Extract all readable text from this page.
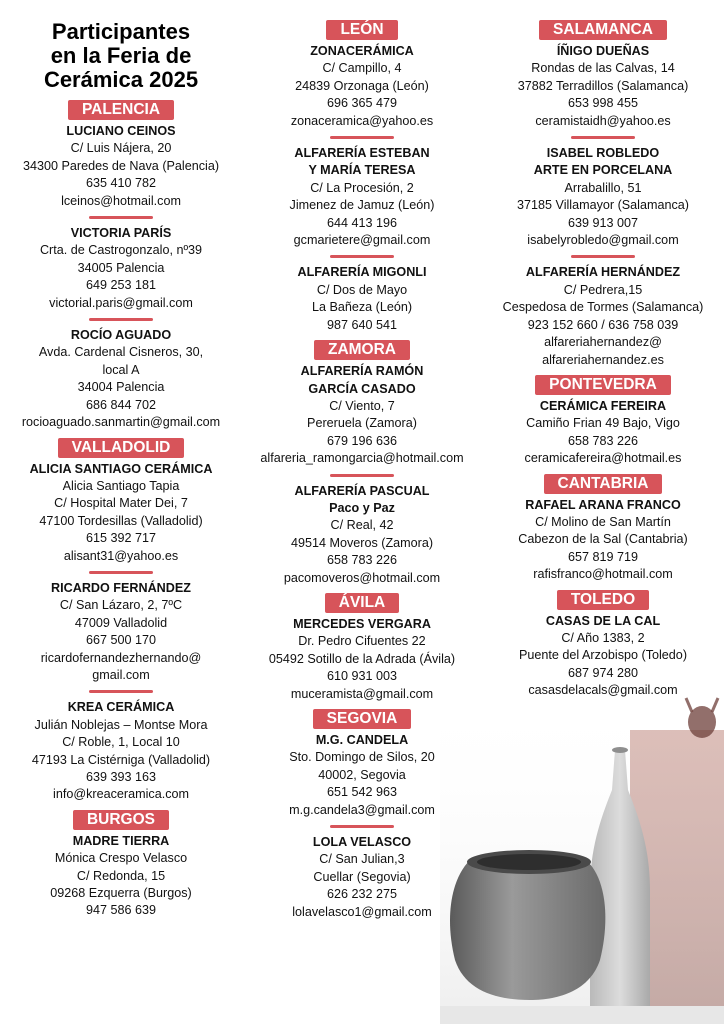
Participantes
en la Feria de
Cerámica 2025
PALENCIA
LUCIANO CEINOS
C/ Luis Nájera, 20
34300 Paredes de Nava (Palencia)
635 410 782
lceinos@hotmail.com
VICTORIA PARÍS
Crta. de Castrogonzalo, nº39
34005 Palencia
649 253 181
victorial.paris@gmail.com
ROCÍO AGUADO
Avda. Cardenal Cisneros, 30,
local A
34004 Palencia
686 844 702
rocioaguado.sanmartin@gmail.com
VALLADOLID
ALICIA SANTIAGO CERÁMICA
Alicia Santiago Tapia
C/ Hospital Mater Dei, 7
47100 Tordesillas (Valladolid)
615 392 717
alisant31@yahoo.es
RICARDO FERNÁNDEZ
C/ San Lázaro, 2, 7ºC
47009 Valladolid
667 500 170
ricardofernandezhernando@
gmail.com
KREA CERÁMICA
Julián Noblejas – Montse Mora
C/ Roble, 1, Local 10
47193 La Cistérniga (Valladolid)
639 393 163
info@kreaceramica.com
BURGOS
MADRE TIERRA
Mónica Crespo Velasco
C/ Redonda, 15
09268 Ezquerra (Burgos)
947 586 639
LEÓN
ZONACERÁMICA
C/ Campillo, 4
24839 Orzonaga (León)
696 365 479
zonaceramica@yahoo.es
ALFARERÍA ESTEBAN
Y MARÍA TERESA
C/ La Procesión, 2
Jimenez de Jamuz (León)
644 413 196
gcmarietere@gmail.com
ALFARERÍA MIGONLI
C/ Dos de Mayo
La Bañeza (León)
987 640 541
ZAMORA
ALFARERÍA RAMÓN
GARCÍA CASADO
C/ Viento, 7
Pereruela (Zamora)
679 196 636
alfareria_ramongarcia@hotmail.com
ALFARERÍA PASCUAL
Paco y Paz
C/ Real, 42
49514 Moveros (Zamora)
658 783 226
pacomoveros@hotmail.com
ÁVILA
MERCEDES VERGARA
Dr. Pedro Cifuentes 22
05492 Sotillo de la Adrada (Ávila)
610 931 003
muceramista@gmail.com
SEGOVIA
M.G. CANDELA
Sto. Domingo de Silos, 20
40002, Segovia
651 542 963
m.g.candela3@gmail.com
LOLA VELASCO
C/ San Julian,3
Cuellar (Segovia)
626 232 275
lolavelasco1@gmail.com
SALAMANCA
ÍÑIGO DUEÑAS
Rondas de las Calvas, 14
37882 Terradillos (Salamanca)
653 998 455
ceramistaidh@yahoo.es
ISABEL ROBLEDO
ARTE EN PORCELANA
Arrabalillo, 51
37185 Villamayor (Salamanca)
639 913 007
isabelyrobledo@gmail.com
ALFARERÍA HERNÁNDEZ
C/ Pedrera,15
Cespedosa de Tormes (Salamanca)
923 152 660 / 636 758 039
alfareriahernandez@
alfareriahernandez.es
PONTEVEDRA
CERÁMICA FEREIRA
Camiño Frian 49 Bajo, Vigo
658 783 226
ceramicafereira@hotmail.es
CANTABRIA
RAFAEL ARANA FRANCO
C/ Molino de San Martín
Cabezon de la Sal (Cantabria)
657 819 719
rafisfranco@hotmail.com
TOLEDO
CASAS DE LA CAL
C/ Año 1383, 2
Puente del Arzobispo (Toledo)
687 974 280
casasdelacals@gmail.com
